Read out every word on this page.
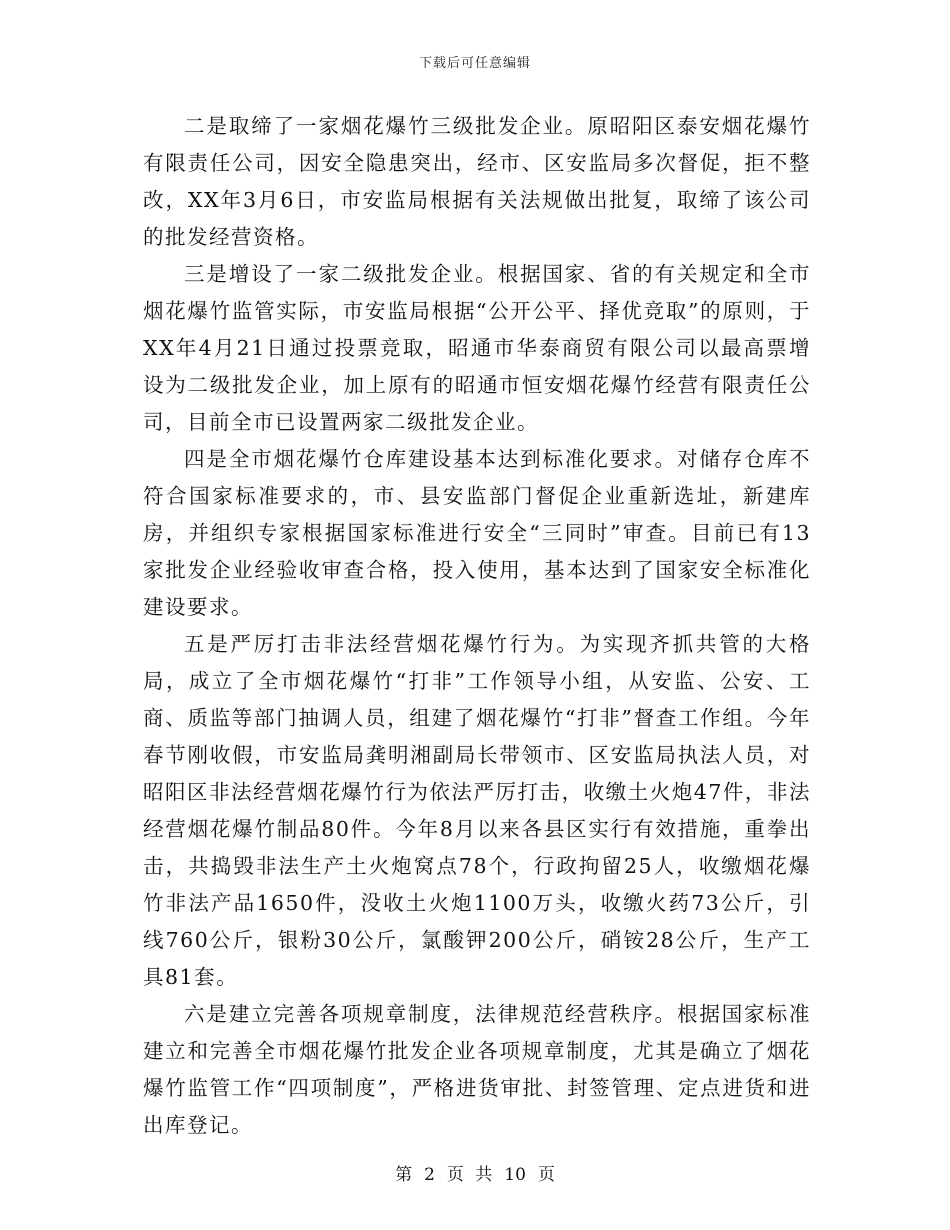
下载后可任意编辑

二是取缔了一家烟花爆竹三级批发企业。原昭阳区泰安烟花爆竹有限责任公司，因安全隐患突出，经市、区安监局多次督促，拒不整改，XX年3月6日，市安监局根据有关法规做出批复，取缔了该公司的批发经营资格。

三是增设了一家二级批发企业。根据国家、省的有关规定和全市烟花爆竹监管实际，市安监局根据“公开公平、择优竞取”的原则，于XX年4月21日通过投票竞取，昭通市华泰商贸有限公司以最高票增设为二级批发企业，加上原有的昭通市恒安烟花爆竹经营有限责任公司，目前全市已设置两家二级批发企业。

四是全市烟花爆竹仓库建设基本达到标准化要求。对储存仓库不符合国家标准要求的，市、县安监部门督促企业重新选址，新建库房，并组织专家根据国家标准进行安全“三同时”审查。目前已有13家批发企业经验收审查合格，投入使用，基本达到了国家安全标准化建设要求。

五是严厉打击非法经营烟花爆竹行为。为实现齐抓共管的大格局，成立了全市烟花爆竹“打非”工作领导小组，从安监、公安、工商、质监等部门抽调人员，组建了烟花爆竹“打非”督查工作组。今年春节刚收假，市安监局龚明湘副局长带领市、区安监局执法人员，对昭阳区非法经营烟花爆竹行为依法严厉打击，收缴土火炮47件，非法经营烟花爆竹制品80件。今年8月以来各县区实行有效措施，重拳出击，共捣毁非法生产土火炮窝点78个，行政拘留25人，收缴烟花爆竹非法产品1650件，没收土火炮1100万头，收缴火药73公斤，引线760公斤，银粉30公斤，氯酸钾200公斤，硝铵28公斤，生产工具81套。

六是建立完善各项规章制度，法律规范经营秩序。根据国家标准建立和完善全市烟花爆竹批发企业各项规章制度，尤其是确立了烟花爆竹监管工作“四项制度”，严格进货审批、封签管理、定点进货和进出库登记。

第 2 页 共 10 页
